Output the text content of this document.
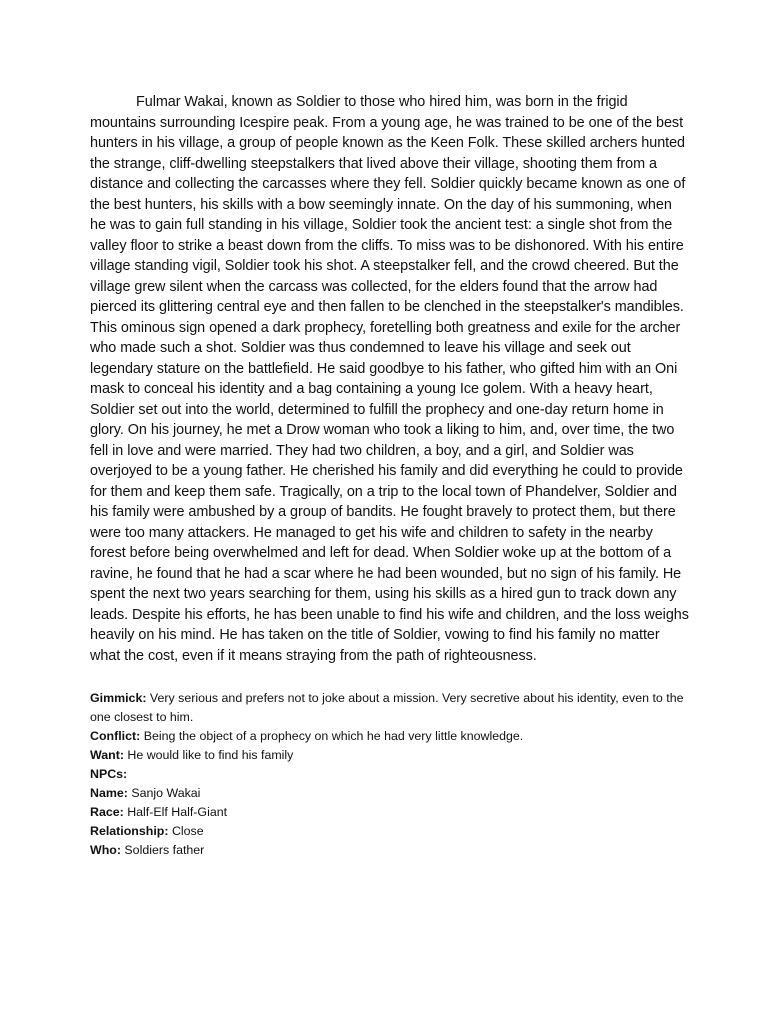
Fulmar Wakai, known as Soldier to those who hired him, was born in the frigid mountains surrounding Icespire peak. From a young age, he was trained to be one of the best hunters in his village, a group of people known as the Keen Folk. These skilled archers hunted the strange, cliff-dwelling steepstalkers that lived above their village, shooting them from a distance and collecting the carcasses where they fell. Soldier quickly became known as one of the best hunters, his skills with a bow seemingly innate. On the day of his summoning, when he was to gain full standing in his village, Soldier took the ancient test: a single shot from the valley floor to strike a beast down from the cliffs. To miss was to be dishonored. With his entire village standing vigil, Soldier took his shot. A steepstalker fell, and the crowd cheered. But the village grew silent when the carcass was collected, for the elders found that the arrow had pierced its glittering central eye and then fallen to be clenched in the steepstalker's mandibles. This ominous sign opened a dark prophecy, foretelling both greatness and exile for the archer who made such a shot. Soldier was thus condemned to leave his village and seek out legendary stature on the battlefield. He said goodbye to his father, who gifted him with an Oni mask to conceal his identity and a bag containing a young Ice golem. With a heavy heart, Soldier set out into the world, determined to fulfill the prophecy and one-day return home in glory. On his journey, he met a Drow woman who took a liking to him, and, over time, the two fell in love and were married. They had two children, a boy, and a girl, and Soldier was overjoyed to be a young father. He cherished his family and did everything he could to provide for them and keep them safe. Tragically, on a trip to the local town of Phandelver, Soldier and his family were ambushed by a group of bandits. He fought bravely to protect them, but there were too many attackers. He managed to get his wife and children to safety in the nearby forest before being overwhelmed and left for dead. When Soldier woke up at the bottom of a ravine, he found that he had a scar where he had been wounded, but no sign of his family. He spent the next two years searching for them, using his skills as a hired gun to track down any leads. Despite his efforts, he has been unable to find his wife and children, and the loss weighs heavily on his mind. He has taken on the title of Soldier, vowing to find his family no matter what the cost, even if it means straying from the path of righteousness.

Gimmick: Very serious and prefers not to joke about a mission. Very secretive about his identity, even to the one closest to him.

Conflict: Being the object of a prophecy on which he had very little knowledge.

Want: He would like to find his family

NPCs:

Name: Sanjo Wakai

Race: Half-Elf Half-Giant

Relationship: Close

Who: Soldiers father
